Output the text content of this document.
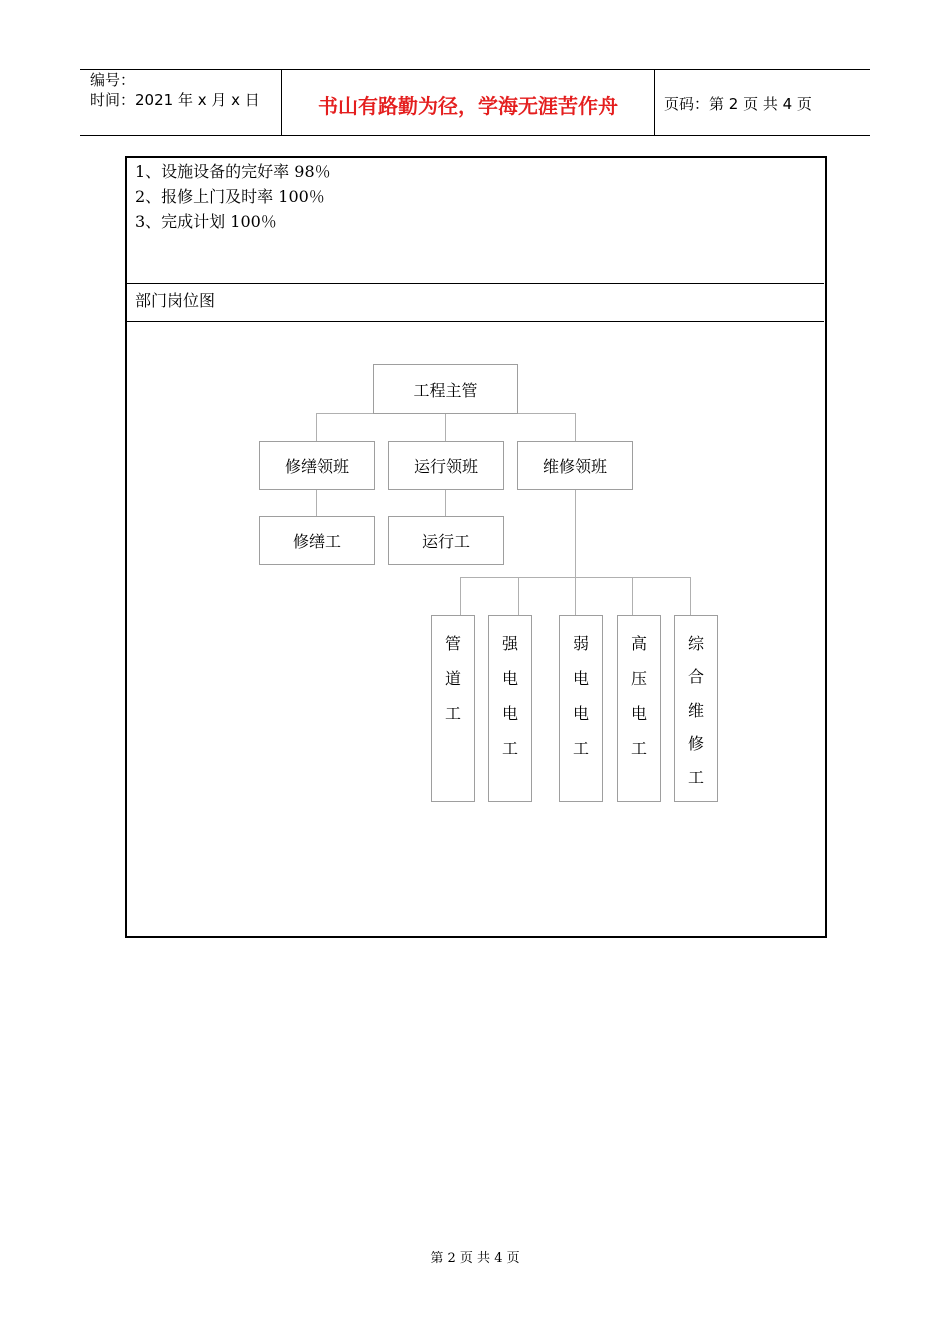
编号：
时间：2021 年 x 月 x 日	书山有路勤为径，学海无涯苦作舟	页码：第 2 页 共 4 页
1、设施设备的完好率 98％
2、报修上门及时率 100％
3、完成计划 100％
部门岗位图
工程主管
修缮领班	运行领班	维修领班
修缮工	运行工
管
道
工
强
电
电
工
弱
电
电
工
高
压
电
工
综
合
维
修
工
第 2 页 共 4 页
